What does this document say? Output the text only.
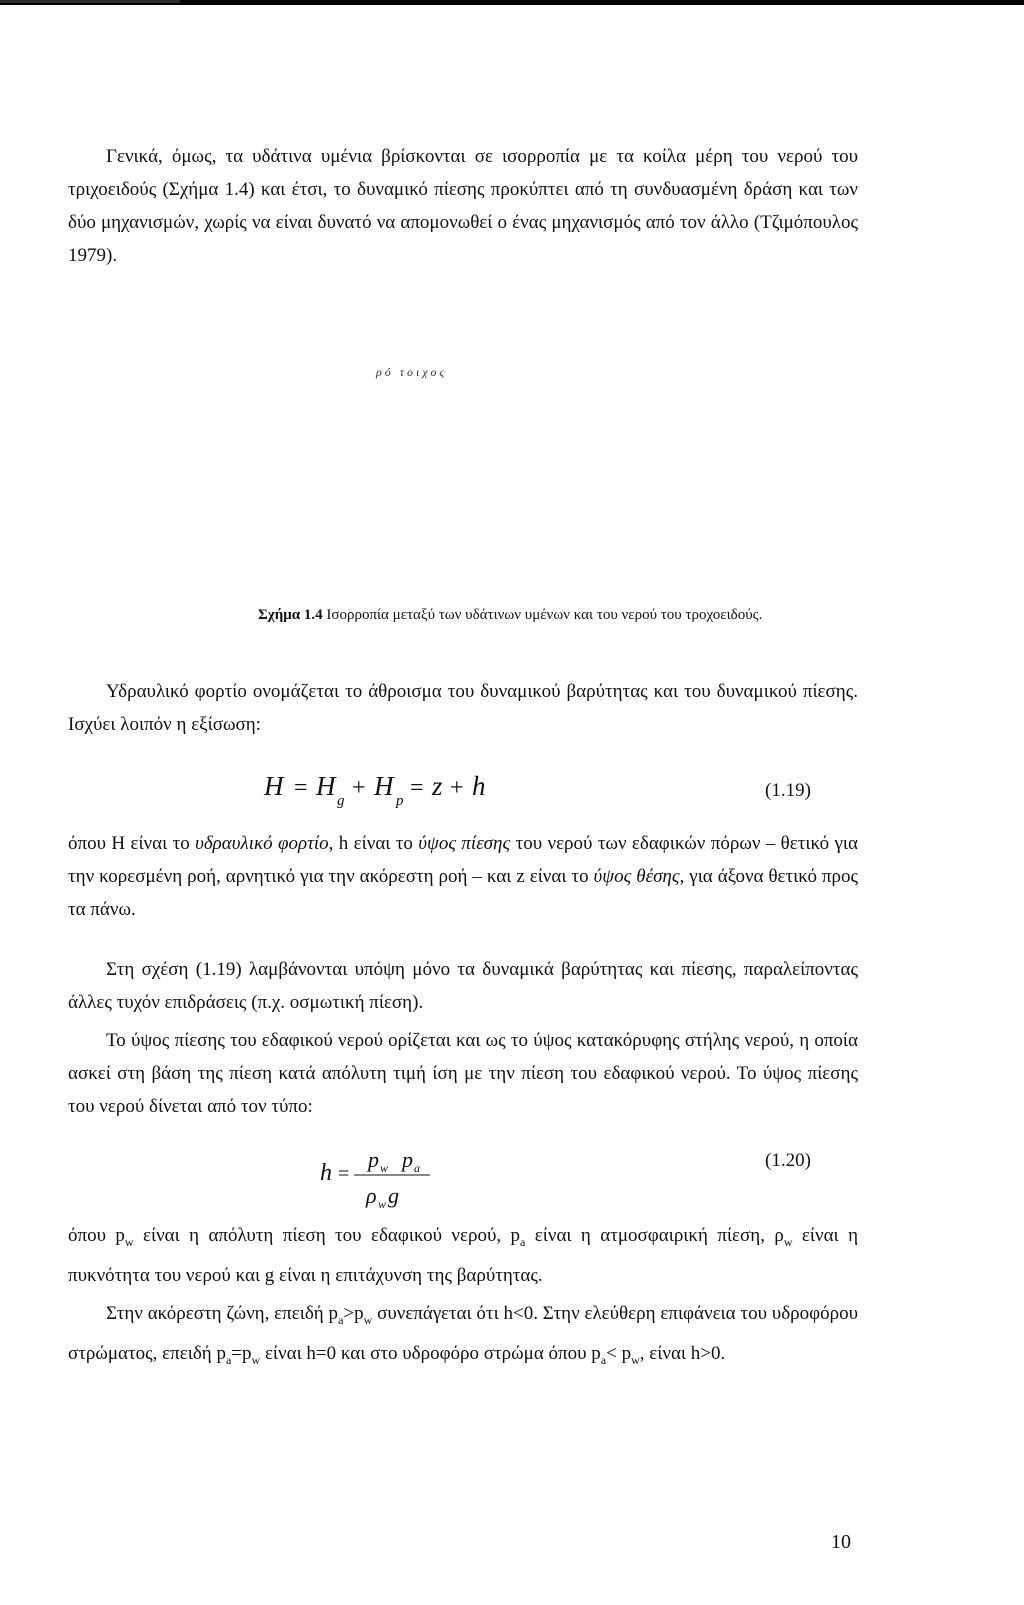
Γενικά, όμως, τα υδάτινα υμένια βρίσκονται σε ισορροπία με τα κοίλα μέρη του νερού του τριχοειδούς (Σχήμα 1.4) και έτσι, το δυναμικό πίεσης προκύπτει από τη συνδυασμένη δράση και των δύο μηχανισμών, χωρίς να είναι δυνατό να απομονωθεί ο ένας μηχανισμός από τον άλλο (Τζιμόπουλος 1979).

ρό τοιχος
Σχήμα 1.4 Ισορροπία μεταξύ των υδάτινων υμένων και του νερού του τροχοειδούς.

Υδραυλικό φορτίο ονομάζεται το άθροισμα του δυναμικού βαρύτητας και του δυναμικού πίεσης. Ισχύει λοιπόν η εξίσωση:

H = H g + H p = z + h	(1.19)

όπου Η είναι το υδραυλικό φορτίο, h είναι το ύψος πίεσης του νερού των εδαφικών πόρων – θετικό για την κορεσμένη ροή, αρνητικό για την ακόρεστη ροή – και z είναι το ύψος θέσης, για άξονα θετικό προς τα πάνω.

Στη σχέση (1.19) λαμβάνονται υπόψη μόνο τα δυναμικά βαρύτητας και πίεσης, παραλείποντας άλλες τυχόν επιδράσεις (π.χ. οσμωτική πίεση).

Το ύψος πίεσης του εδαφικού νερού ορίζεται και ως το ύψος κατακόρυφης στήλης νερού, η οποία ασκεί στη βάση της πίεση κατά απόλυτη τιμή ίση με την πίεση του εδαφικού νερού. Το ύψος πίεσης του νερού δίνεται από τον τύπο:

h =
p w p a
ρ w g
(1.20)

όπου $p_w$ είναι η απόλυτη πίεση του εδαφικού νερού, $p_a$ είναι η ατμοσφαιρική πίεση, $\rho_w$ είναι η πυκνότητα του νερού και g είναι η επιτάχυνση της βαρύτητας.

Στην ακόρεστη ζώνη, επειδή $p_a>p_w$ συνεπάγεται ότι h<0. Στην ελεύθερη επιφάνεια του υδροφόρου στρώματος, επειδή $p_a=p_w$ είναι h=0 και στο υδροφόρο στρώμα όπου $p_a< p_w$, είναι h>0.

10
